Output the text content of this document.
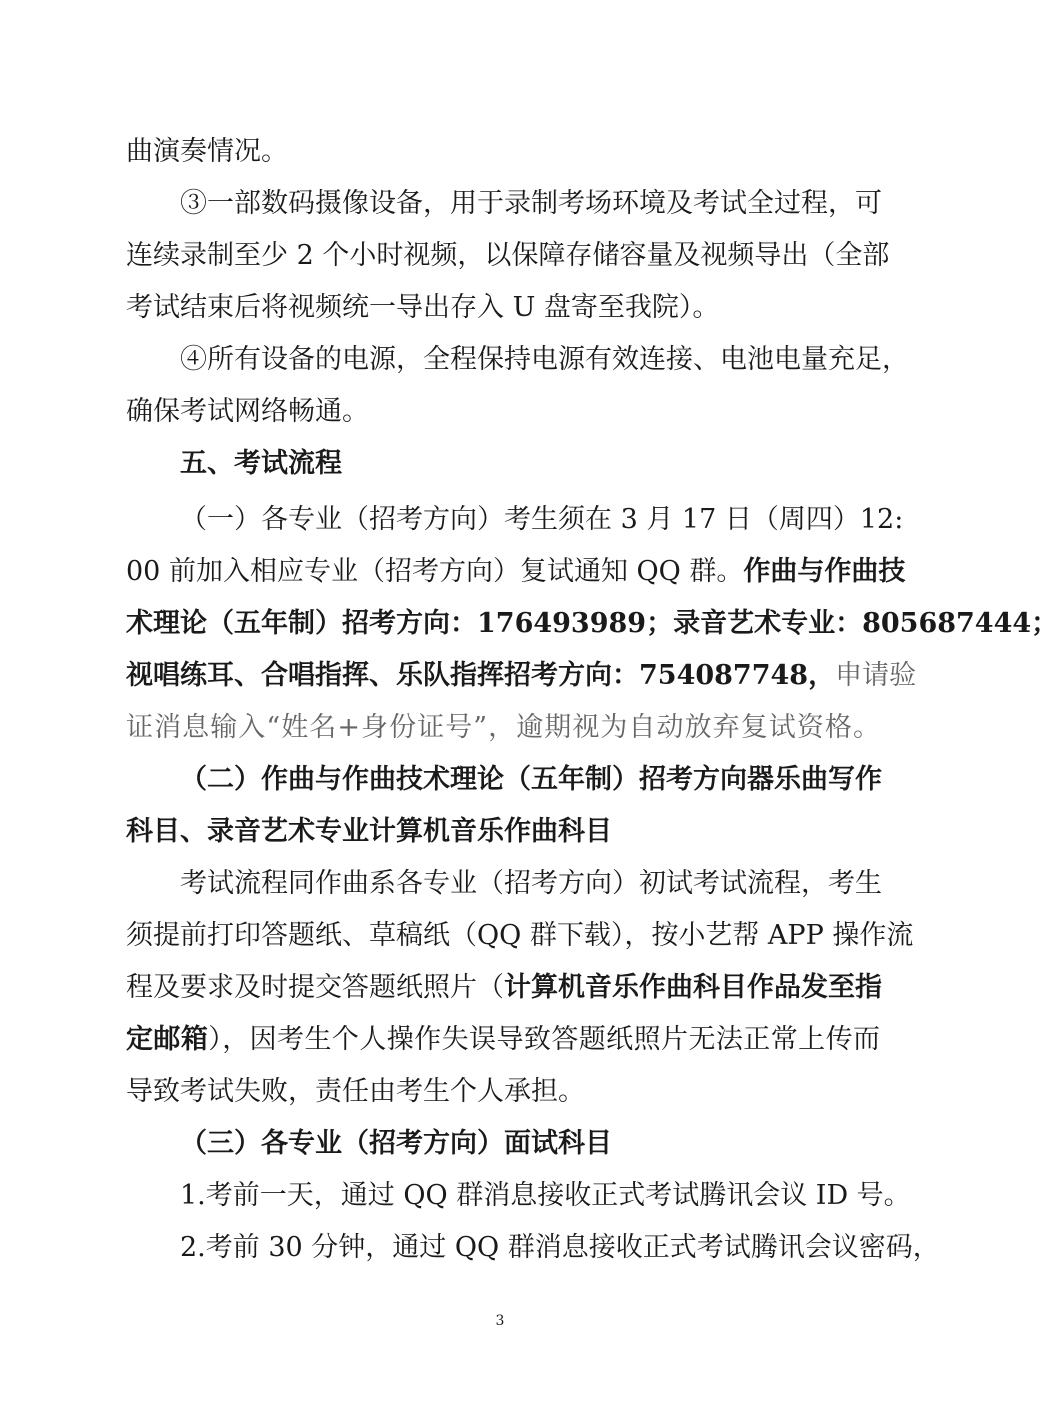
曲演奏情况。
③一部数码摄像设备，用于录制考场环境及考试全过程，可
连续录制至少 2 个小时视频，以保障存储容量及视频导出（全部
考试结束后将视频统一导出存入 U 盘寄至我院）。
④所有设备的电源，全程保持电源有效连接、电池电量充足，
确保考试网络畅通。
五、考试流程
（一）各专业（招考方向）考生须在 3 月 17 日（周四）12:
00 前加入相应专业（招考方向）复试通知 QQ 群。作曲与作曲技
术理论（五年制）招考方向：176493989；录音艺术专业：805687444；
视唱练耳、合唱指挥、乐队指挥招考方向：754087748，申请验
证消息输入“姓名+身份证号”，逾期视为自动放弃复试资格。
（二）作曲与作曲技术理论（五年制）招考方向器乐曲写作
科目、录音艺术专业计算机音乐作曲科目
考试流程同作曲系各专业（招考方向）初试考试流程，考生
须提前打印答题纸、草稿纸（QQ 群下载），按小艺帮 APP 操作流
程及要求及时提交答题纸照片（计算机音乐作曲科目作品发至指
定邮箱），因考生个人操作失误导致答题纸照片无法正常上传而
导致考试失败，责任由考生个人承担。
（三）各专业（招考方向）面试科目
1.考前一天，通过 QQ 群消息接收正式考试腾讯会议 ID 号。
2.考前 30 分钟，通过 QQ 群消息接收正式考试腾讯会议密码，
3
